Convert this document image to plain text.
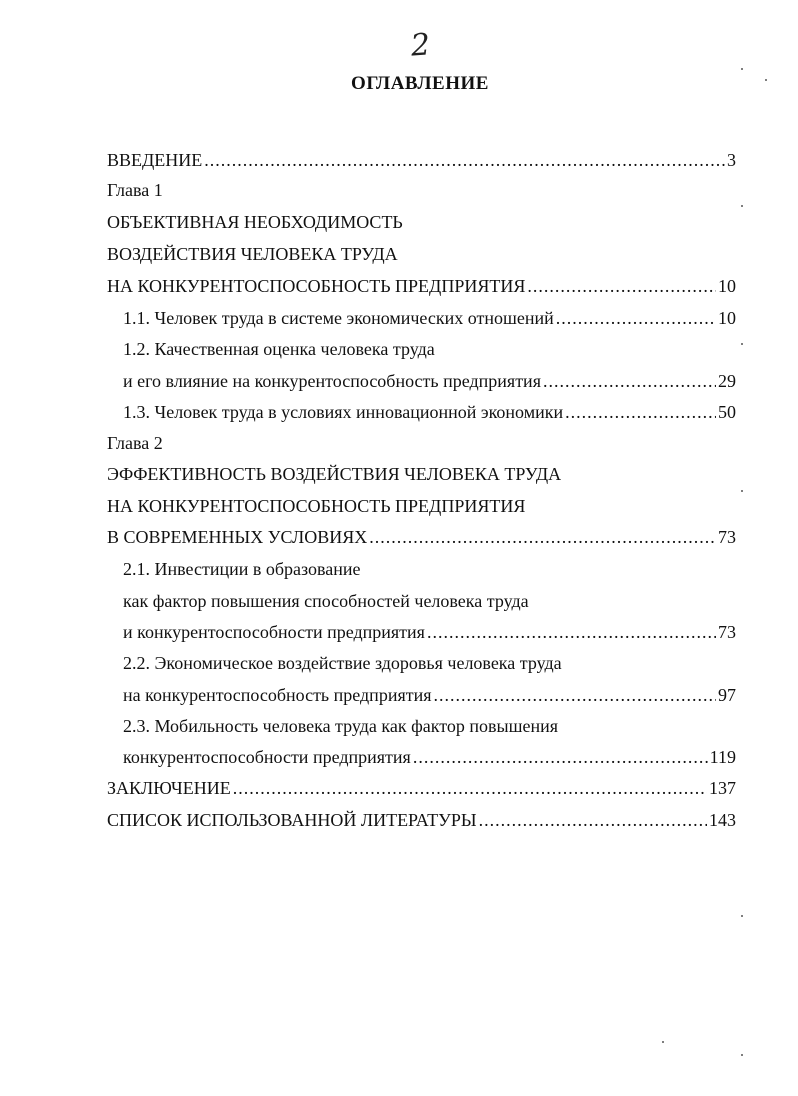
2
ОГЛАВЛЕНИЕ
ВВЕДЕНИЕ .....	3
Глава 1
ОБЪЕКТИВНАЯ НЕОБХОДИМОСТЬ
ВОЗДЕЙСТВИЯ ЧЕЛОВЕКА ТРУДА
НА КОНКУРЕНТОСПОСОБНОСТЬ ПРЕДПРИЯТИЯ .....	10
1.1. Человек труда в системе экономических отношений .....	10
1.2. Качественная оценка человека труда
и его влияние на конкурентоспособность предприятия .....	29
1.3. Человек труда в условиях инновационной экономики .....	50
Глава 2
ЭФФЕКТИВНОСТЬ ВОЗДЕЙСТВИЯ ЧЕЛОВЕКА ТРУДА
НА КОНКУРЕНТОСПОСОБНОСТЬ ПРЕДПРИЯТИЯ
В СОВРЕМЕННЫХ УСЛОВИЯХ .....	73
2.1. Инвестиции в образование
как фактор повышения способностей человека труда
и конкурентоспособности предприятия .....	73
2.2. Экономическое воздействие здоровья человека труда
на конкурентоспособность предприятия .....	97
2.3. Мобильность человека труда как фактор повышения
конкурентоспособности предприятия .....	119
ЗАКЛЮЧЕНИЕ .....	137
СПИСОК ИСПОЛЬЗОВАННОЙ ЛИТЕРАТУРЫ .....	143
